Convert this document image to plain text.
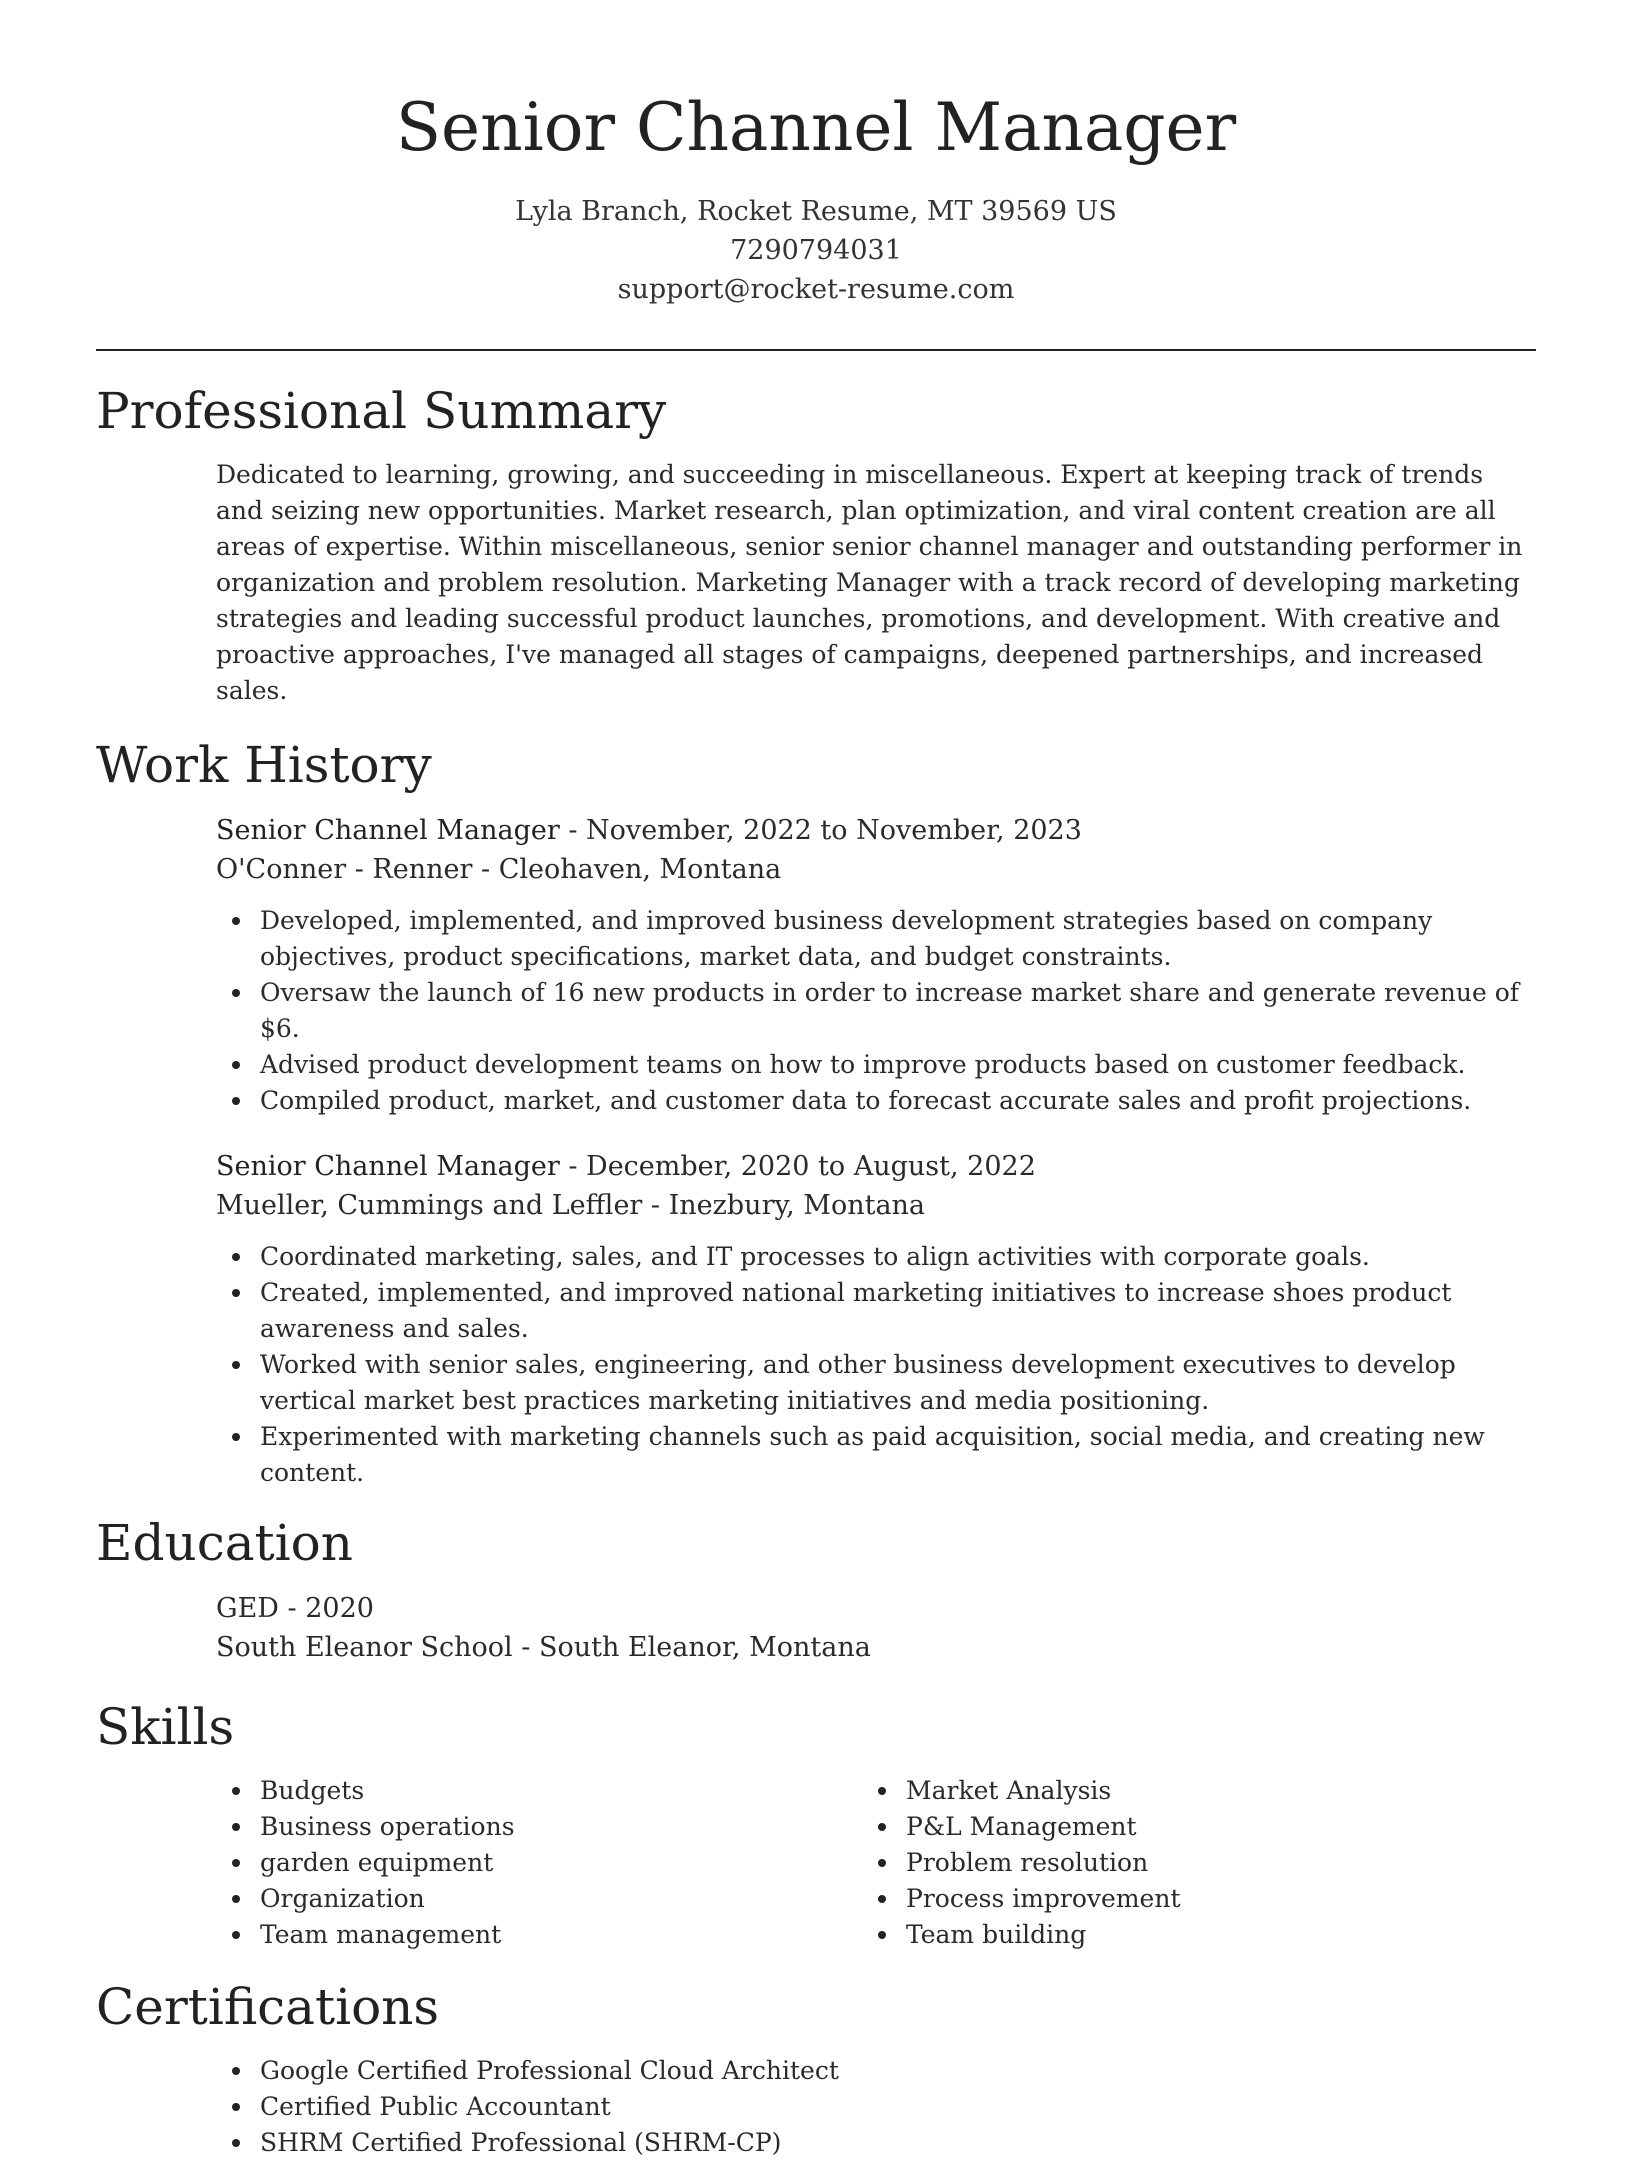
Senior Channel Manager
Lyla Branch, Rocket Resume, MT 39569 US
7290794031
support@rocket-resume.com
Professional Summary
Dedicated to learning, growing, and succeeding in miscellaneous. Expert at keeping track of trends and seizing new opportunities. Market research, plan optimization, and viral content creation are all areas of expertise. Within miscellaneous, senior senior channel manager and outstanding performer in organization and problem resolution. Marketing Manager with a track record of developing marketing strategies and leading successful product launches, promotions, and development. With creative and proactive approaches, I've managed all stages of campaigns, deepened partnerships, and increased sales.
Work History
Senior Channel Manager - November, 2022 to November, 2023
O'Conner - Renner - Cleohaven, Montana
Developed, implemented, and improved business development strategies based on company objectives, product specifications, market data, and budget constraints.
Oversaw the launch of 16 new products in order to increase market share and generate revenue of $6.
Advised product development teams on how to improve products based on customer feedback.
Compiled product, market, and customer data to forecast accurate sales and profit projections.
Senior Channel Manager - December, 2020 to August, 2022
Mueller, Cummings and Leffler - Inezbury, Montana
Coordinated marketing, sales, and IT processes to align activities with corporate goals.
Created, implemented, and improved national marketing initiatives to increase shoes product awareness and sales.
Worked with senior sales, engineering, and other business development executives to develop vertical market best practices marketing initiatives and media positioning.
Experimented with marketing channels such as paid acquisition, social media, and creating new content.
Education
GED - 2020
South Eleanor School - South Eleanor, Montana
Skills
Budgets
Business operations
garden equipment
Organization
Team management
Market Analysis
P&L Management
Problem resolution
Process improvement
Team building
Certifications
Google Certified Professional Cloud Architect
Certified Public Accountant
SHRM Certified Professional (SHRM-CP)
